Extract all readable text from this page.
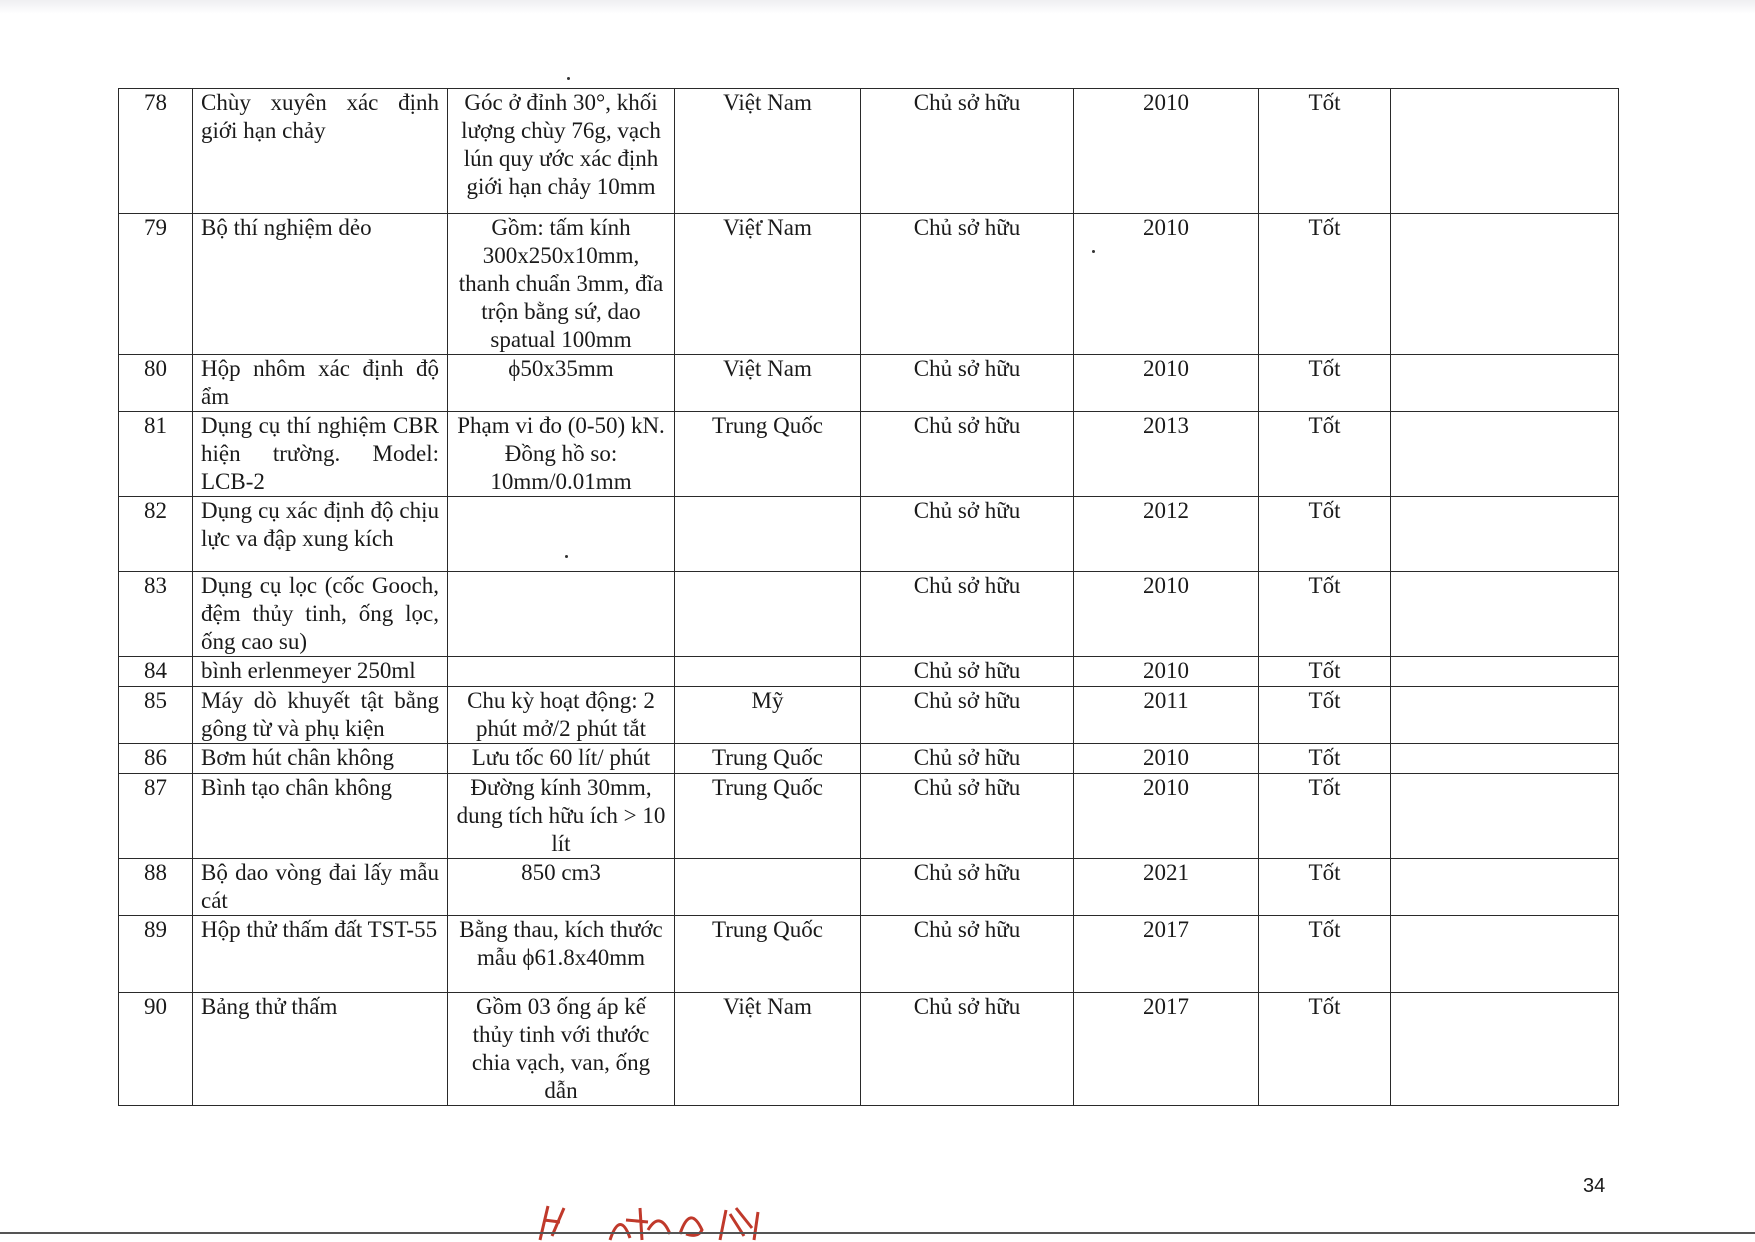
78	Chùy xuyên xác định giới hạn chảy	Góc ở đỉnh 30°, khối lượng chùy 76g, vạch lún quy ước xác định giới hạn chảy 10mm	Việt Nam	Chủ sở hữu	2010	Tốt	
79	Bộ thí nghiệm dẻo	Gồm: tấm kính 300x250x10mm, thanh chuẩn 3mm, đĩa trộn bằng sứ, dao spatual 100mm	Việt Nam	Chủ sở hữu	2010	Tốt	
80	Hộp nhôm xác định độ ẩm	ϕ50x35mm	Việt Nam	Chủ sở hữu	2010	Tốt	
81	Dụng cụ thí nghiệm CBR hiện trường. Model: LCB-2	Phạm vi đo (0-50) kN. Đồng hồ so: 10mm/0.01mm	Trung Quốc	Chủ sở hữu	2013	Tốt	
82	Dụng cụ xác định độ chịu lực va đập xung kích			Chủ sở hữu	2012	Tốt	
83	Dụng cụ lọc (cốc Gooch, đệm thủy tinh, ống lọc, ống cao su)			Chủ sở hữu	2010	Tốt	
84	bình erlenmeyer 250ml			Chủ sở hữu	2010	Tốt	
85	Máy dò khuyết tật bằng gông từ và phụ kiện	Chu kỳ hoạt động: 2 phút mở/2 phút tắt	Mỹ	Chủ sở hữu	2011	Tốt	
86	Bơm hút chân không	Lưu tốc 60 lít/ phút	Trung Quốc	Chủ sở hữu	2010	Tốt	
87	Bình tạo chân không	Đường kính 30mm, dung tích hữu ích > 10 lít	Trung Quốc	Chủ sở hữu	2010	Tốt	
88	Bộ dao vòng đai lấy mẫu cát	850 cm3		Chủ sở hữu	2021	Tốt	
89	Hộp thử thấm đất TST-55	Bằng thau, kích thước mẫu ϕ61.8x40mm	Trung Quốc	Chủ sở hữu	2017	Tốt	
90	Bảng thử thấm	Gồm 03 ống áp kế thủy tinh với thước chia vạch, van, ống dẫn	Việt Nam	Chủ sở hữu	2017	Tốt	
34
